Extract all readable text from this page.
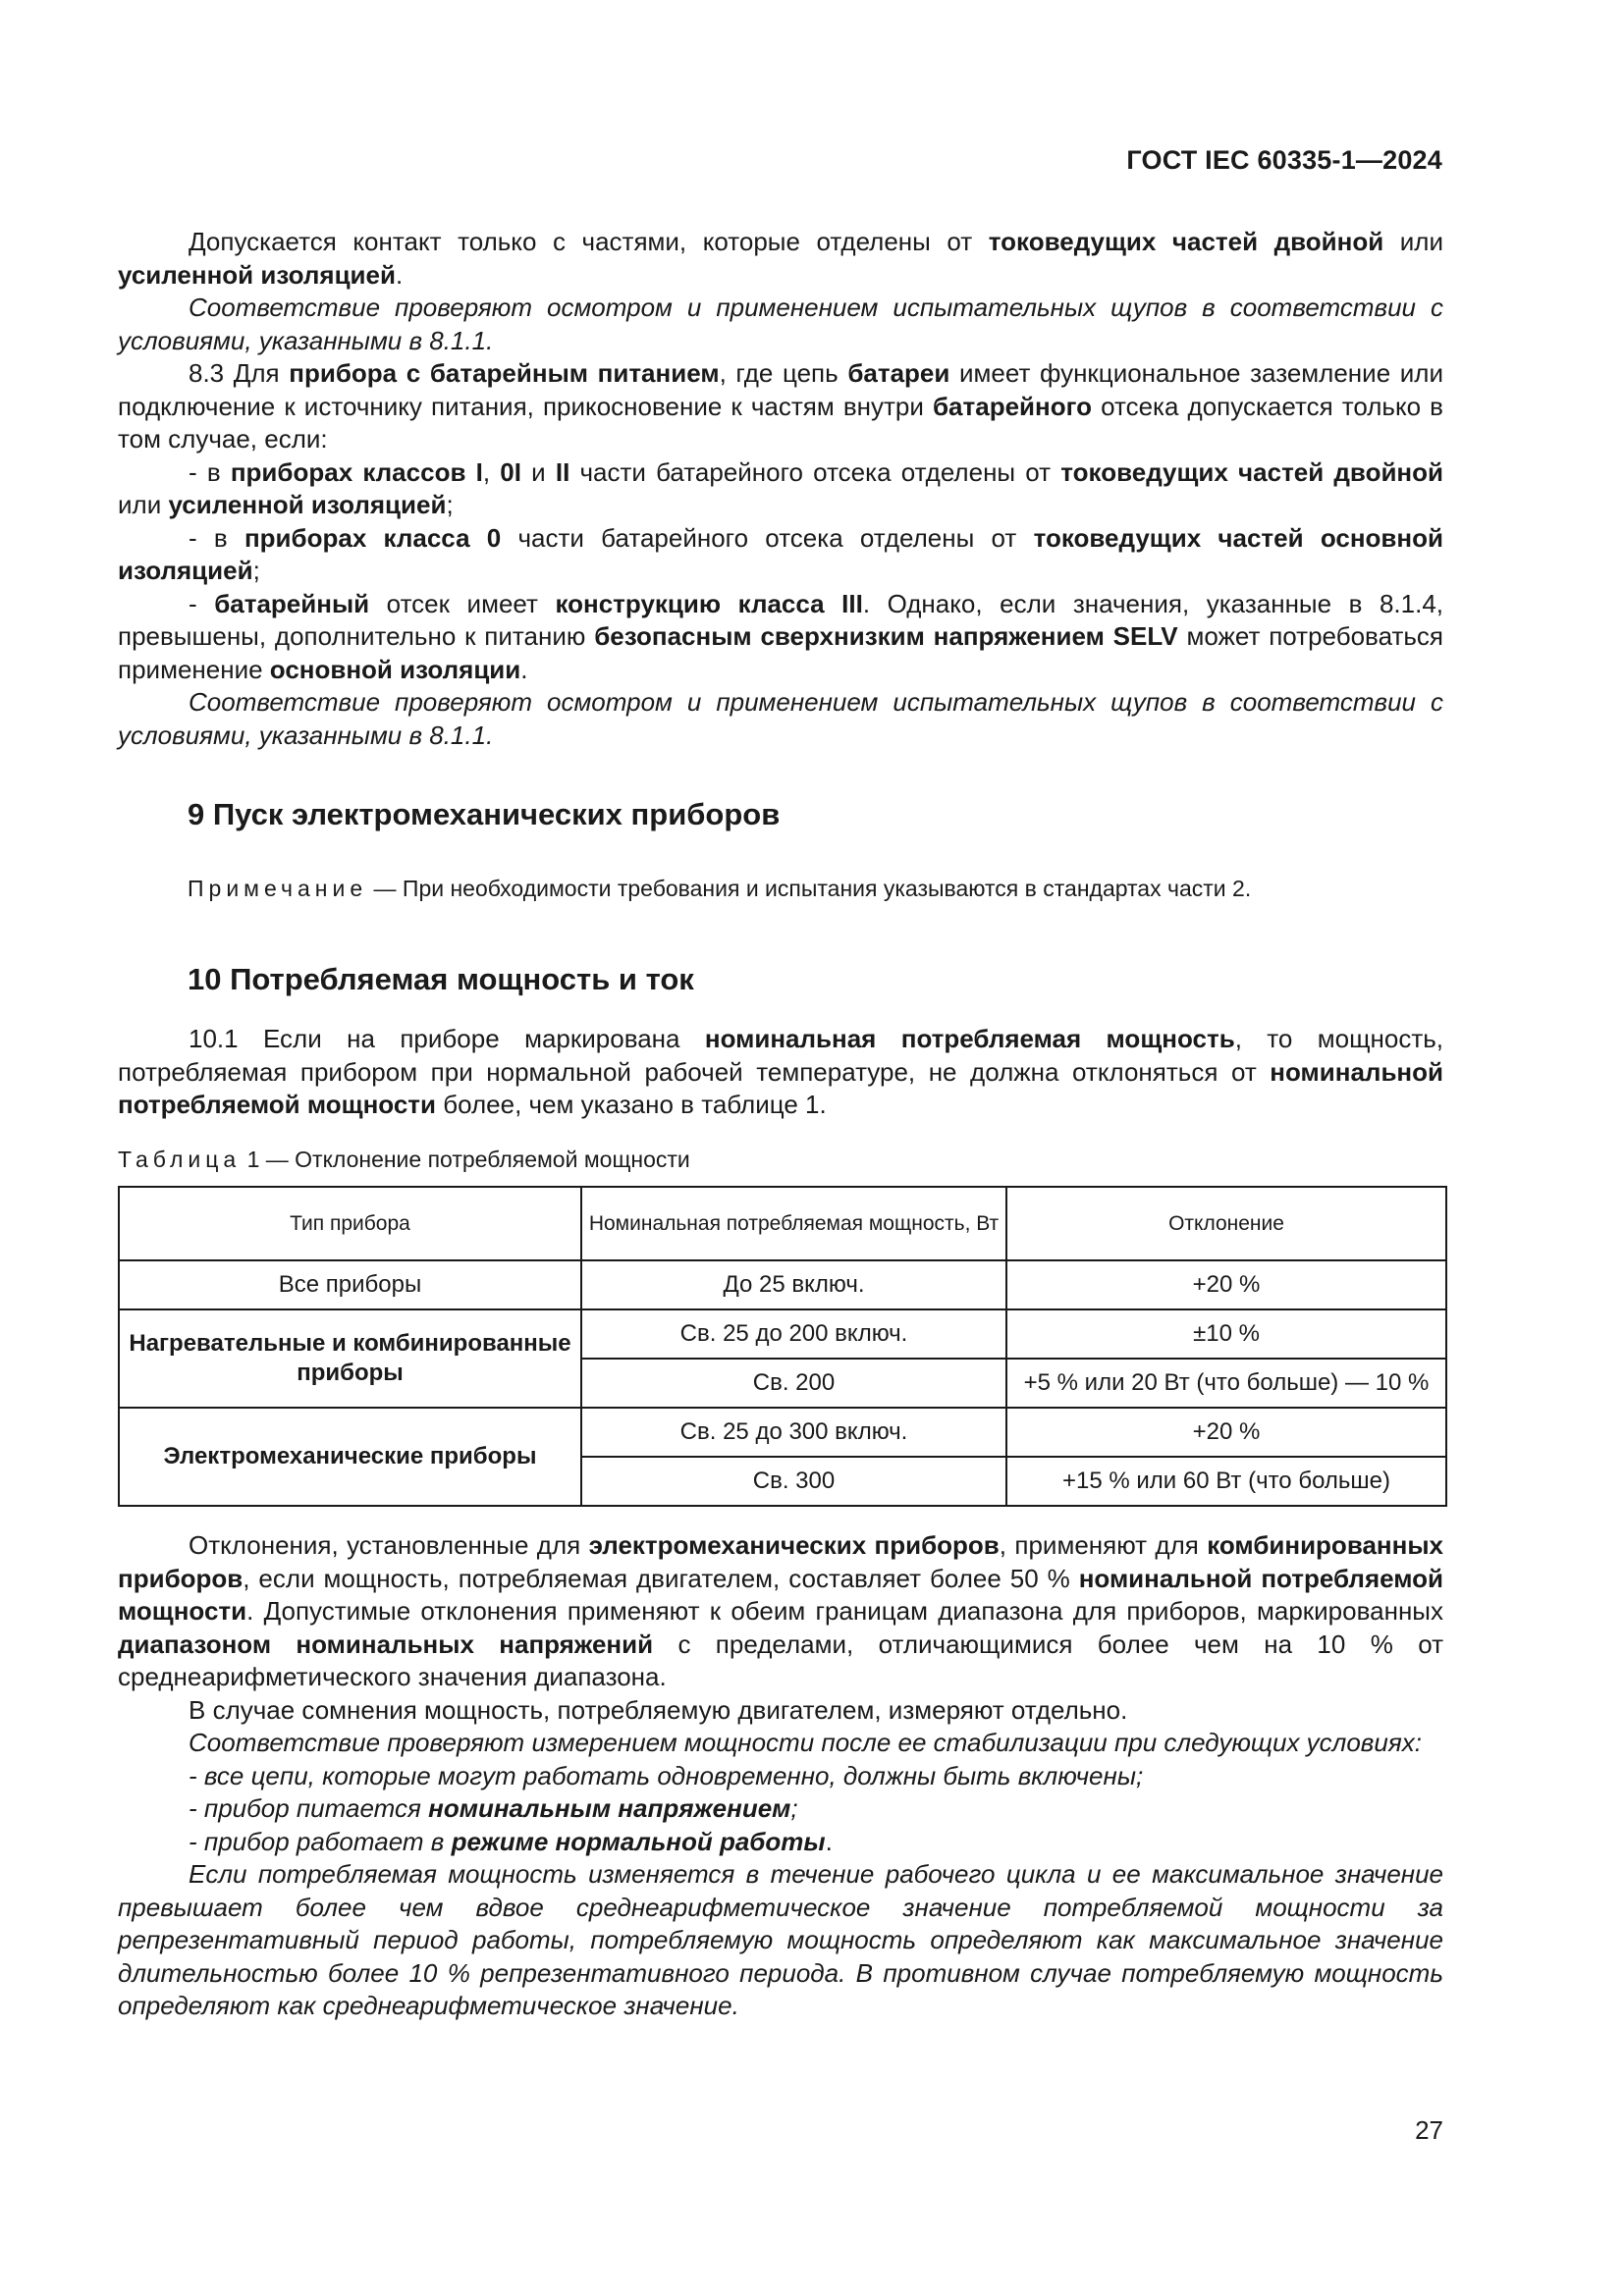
ГОСТ IEC 60335-1—2024

Допускается контакт только с частями, которые отделены от токоведущих частей двойной или усиленной изоляцией.

Соответствие проверяют осмотром и применением испытательных щупов в соответствии с условиями, указанными в 8.1.1.

8.3 Для прибора с батарейным питанием, где цепь батареи имеет функциональное заземление или подключение к источнику питания, прикосновение к частям внутри батарейного отсека допускается только в том случае, если:

- в приборах классов I, 0I и II части батарейного отсека отделены от токоведущих частей двойной или усиленной изоляцией;

- в приборах класса 0 части батарейного отсека отделены от токоведущих частей основной изоляцией;

- батарейный отсек имеет конструкцию класса III. Однако, если значения, указанные в 8.1.4, превышены, дополнительно к питанию безопасным сверхнизким напряжением SELV может потребоваться применение основной изоляции.

Соответствие проверяют осмотром и применением испытательных щупов в соответствии с условиями, указанными в 8.1.1.

9 Пуск электромеханических приборов
Примечание — При необходимости требования и испытания указываются в стандартах части 2.
10 Потребляемая мощность и ток

10.1 Если на приборе маркирована номинальная потребляемая мощность, то мощность, потребляемая прибором при нормальной рабочей температуре, не должна отклоняться от номинальной потребляемой мощности более, чем указано в таблице 1.

Таблица 1 — Отклонение потребляемой мощности
Тип прибора	Номинальная потребляемая мощность, Вт	Отклонение
Все приборы	До 25 включ.	+20 %
Нагревательные и комбинированные приборы	Св. 25 до 200 включ.	±10 %
	Св. 200	+5 % или 20 Вт (что больше) — 10 %
Электромеханические приборы	Св. 25 до 300 включ.	+20 %
	Св. 300	+15 % или 60 Вт (что больше)

Отклонения, установленные для электромеханических приборов, применяют для комбинированных приборов, если мощность, потребляемая двигателем, составляет более 50 % номинальной потребляемой мощности. Допустимые отклонения применяют к обеим границам диапазона для приборов, маркированных диапазоном номинальных напряжений с пределами, отличающимися более чем на 10 % от среднеарифметического значения диапазона.

В случае сомнения мощность, потребляемую двигателем, измеряют отдельно.

Соответствие проверяют измерением мощности после ее стабилизации при следующих условиях:

- все цепи, которые могут работать одновременно, должны быть включены;

- прибор питается номинальным напряжением;

- прибор работает в режиме нормальной работы.

Если потребляемая мощность изменяется в течение рабочего цикла и ее максимальное значение превышает более чем вдвое среднеарифметическое значение потребляемой мощности за репрезентативный период работы, потребляемую мощность определяют как максимальное значение длительностью более 10 % репрезентативного периода. В противном случае потребляемую мощность определяют как среднеарифметическое значение.

27
